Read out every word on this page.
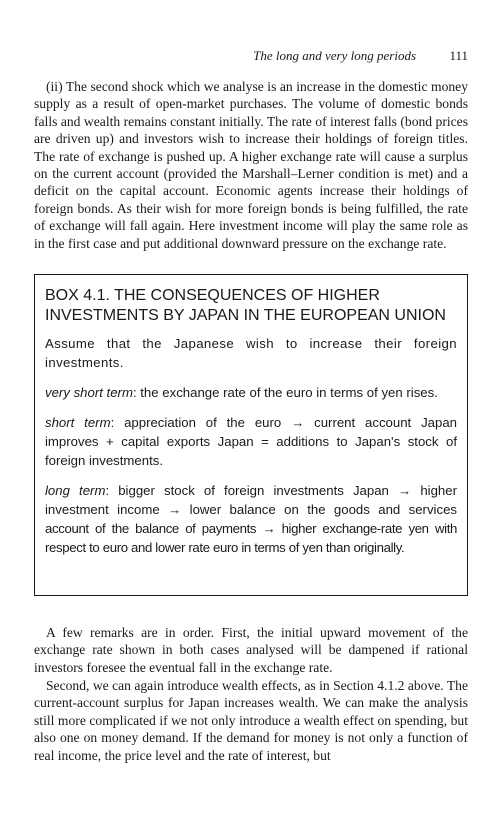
The long and very long periods	111

(ii) The second shock which we analyse is an increase in the domestic money supply as a result of open-market purchases. The volume of domestic bonds falls and wealth remains constant initially. The rate of interest falls (bond prices are driven up) and investors wish to increase their holdings of foreign titles. The rate of exchange is pushed up. A higher exchange rate will cause a surplus on the current account (provided the Marshall–Lerner condition is met) and a deficit on the capital account. Economic agents increase their holdings of foreign bonds. As their wish for more foreign bonds is being fulfilled, the rate of exchange will fall again. Here investment income will play the same role as in the first case and put additional downward pressure on the exchange rate.

BOX 4.1. THE CONSEQUENCES OF HIGHER INVESTMENTS BY JAPAN IN THE EUROPEAN UNION

Assume that the Japanese wish to increase their foreign investments.

very short term: the exchange rate of the euro in terms of yen rises.

short term: appreciation of the euro → current account Japan improves + capital exports Japan = additions to Japan's stock of foreign investments.

long term: bigger stock of foreign investments Japan → higher investment income → lower balance on the goods and services account of the balance of payments → higher exchange-rate yen with respect to euro and lower rate euro in terms of yen than originally.

A few remarks are in order. First, the initial upward movement of the exchange rate shown in both cases analysed will be dampened if rational investors foresee the eventual fall in the exchange rate.

Second, we can again introduce wealth effects, as in Section 4.1.2 above. The current-account surplus for Japan increases wealth. We can make the analysis still more complicated if we not only introduce a wealth effect on spending, but also one on money demand. If the demand for money is not only a function of real income, the price level and the rate of interest, but
